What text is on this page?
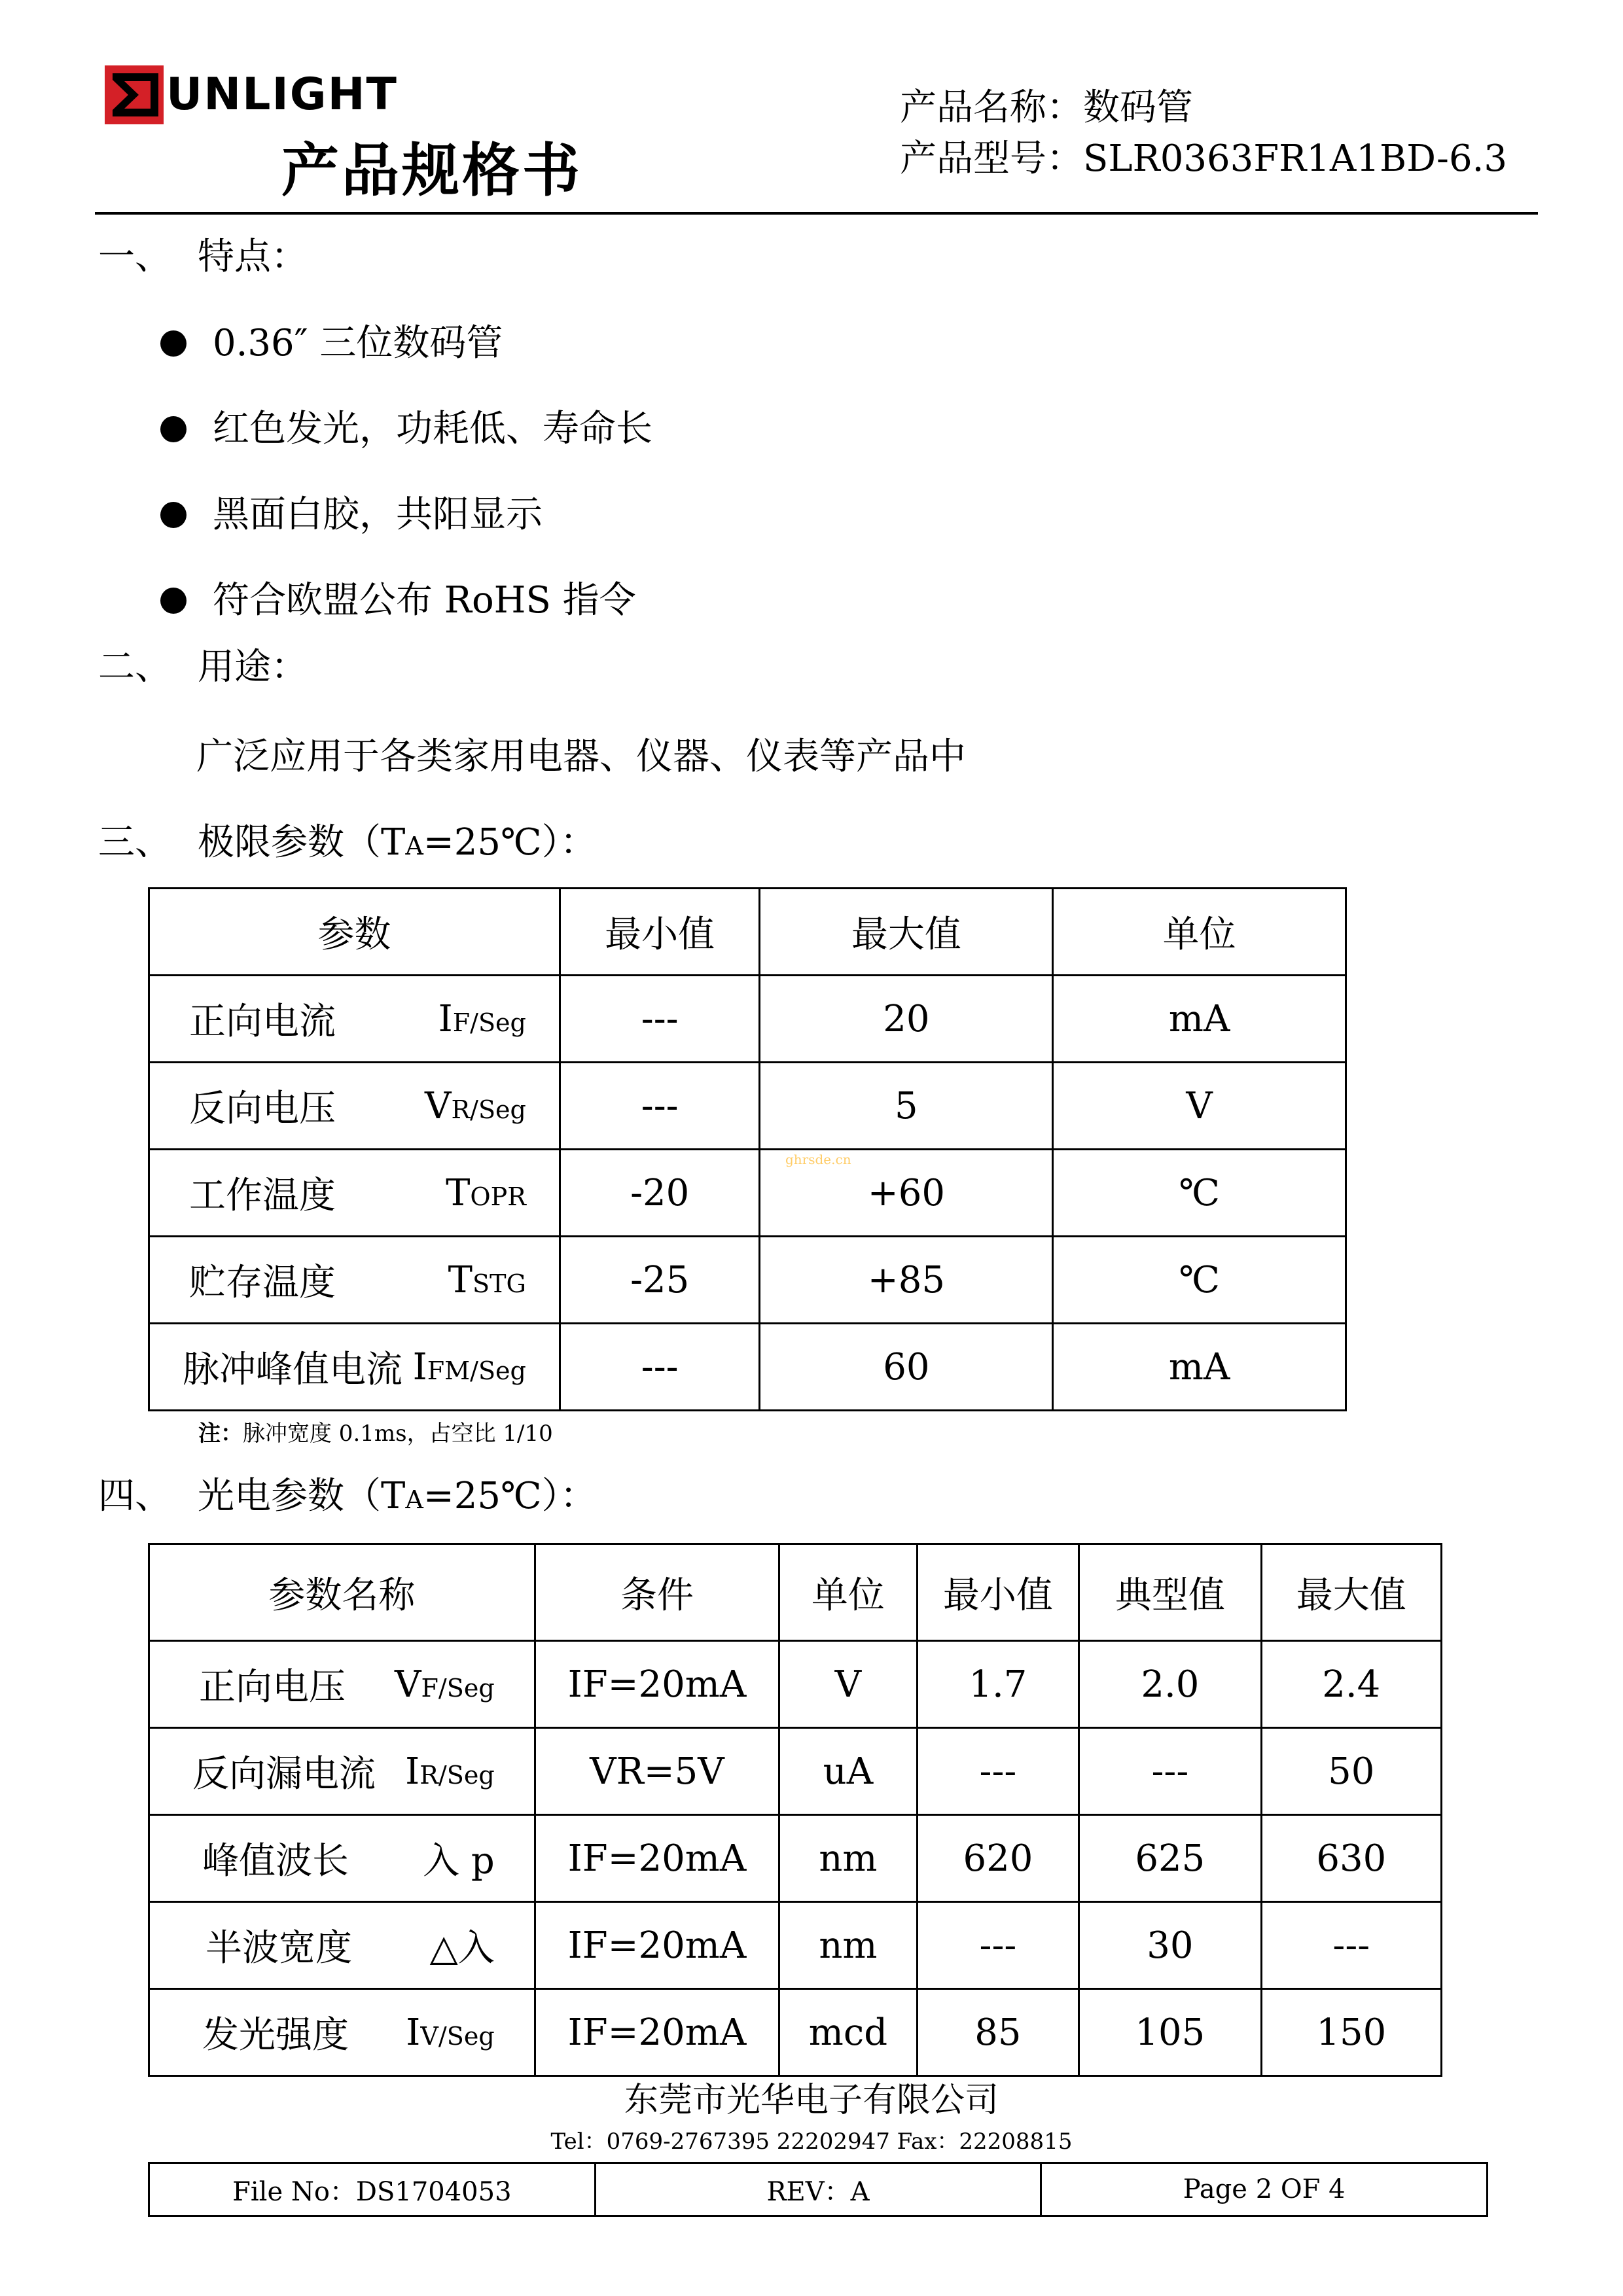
UNLIGHT
产品规格书
产品名称：数码管
产品型号：SLR0363FR1A1BD-6.3
一、 特点：
0.36″ 三位数码管
红色发光，功耗低、寿命长
黑面白胶，共阳显示
符合欧盟公布 RoHS 指令
二、 用途：
广泛应用于各类家用电器、仪器、仪表等产品中
三、 极限参数（TA=25℃）：
参数	最小值	最大值	单位

正向电流 IF/Seg	---	20	mA

反向电压 VR/Seg	---	5	V

工作温度 TOPR	-20	+60	℃

贮存温度 TSTG	-25	+85	℃

脉冲峰值电流 IFM/Seg	---	60	mA
ghrsde.cn
注：脉冲宽度 0.1ms，占空比 1/10
四、 光电参数（TA=25℃）：
参数名称	条件	单位	最小值	典型值	最大值

正向电压 VF/Seg	IF=20mA	V	1.7	2.0	2.4

反向漏电流 IR/Seg	VR=5V	uA	---	---	50

峰值波长 入 p	IF=20mA	nm	620	625	630

半波宽度 △入	IF=20mA	nm	---	30	---

发光强度 IV/Seg	IF=20mA	mcd	85	105	150
东莞市光华电子有限公司
Tel：0769-2767395 22202947 Fax：22208815
File No：DS1704053	REV：A	Page 2 OF 4
